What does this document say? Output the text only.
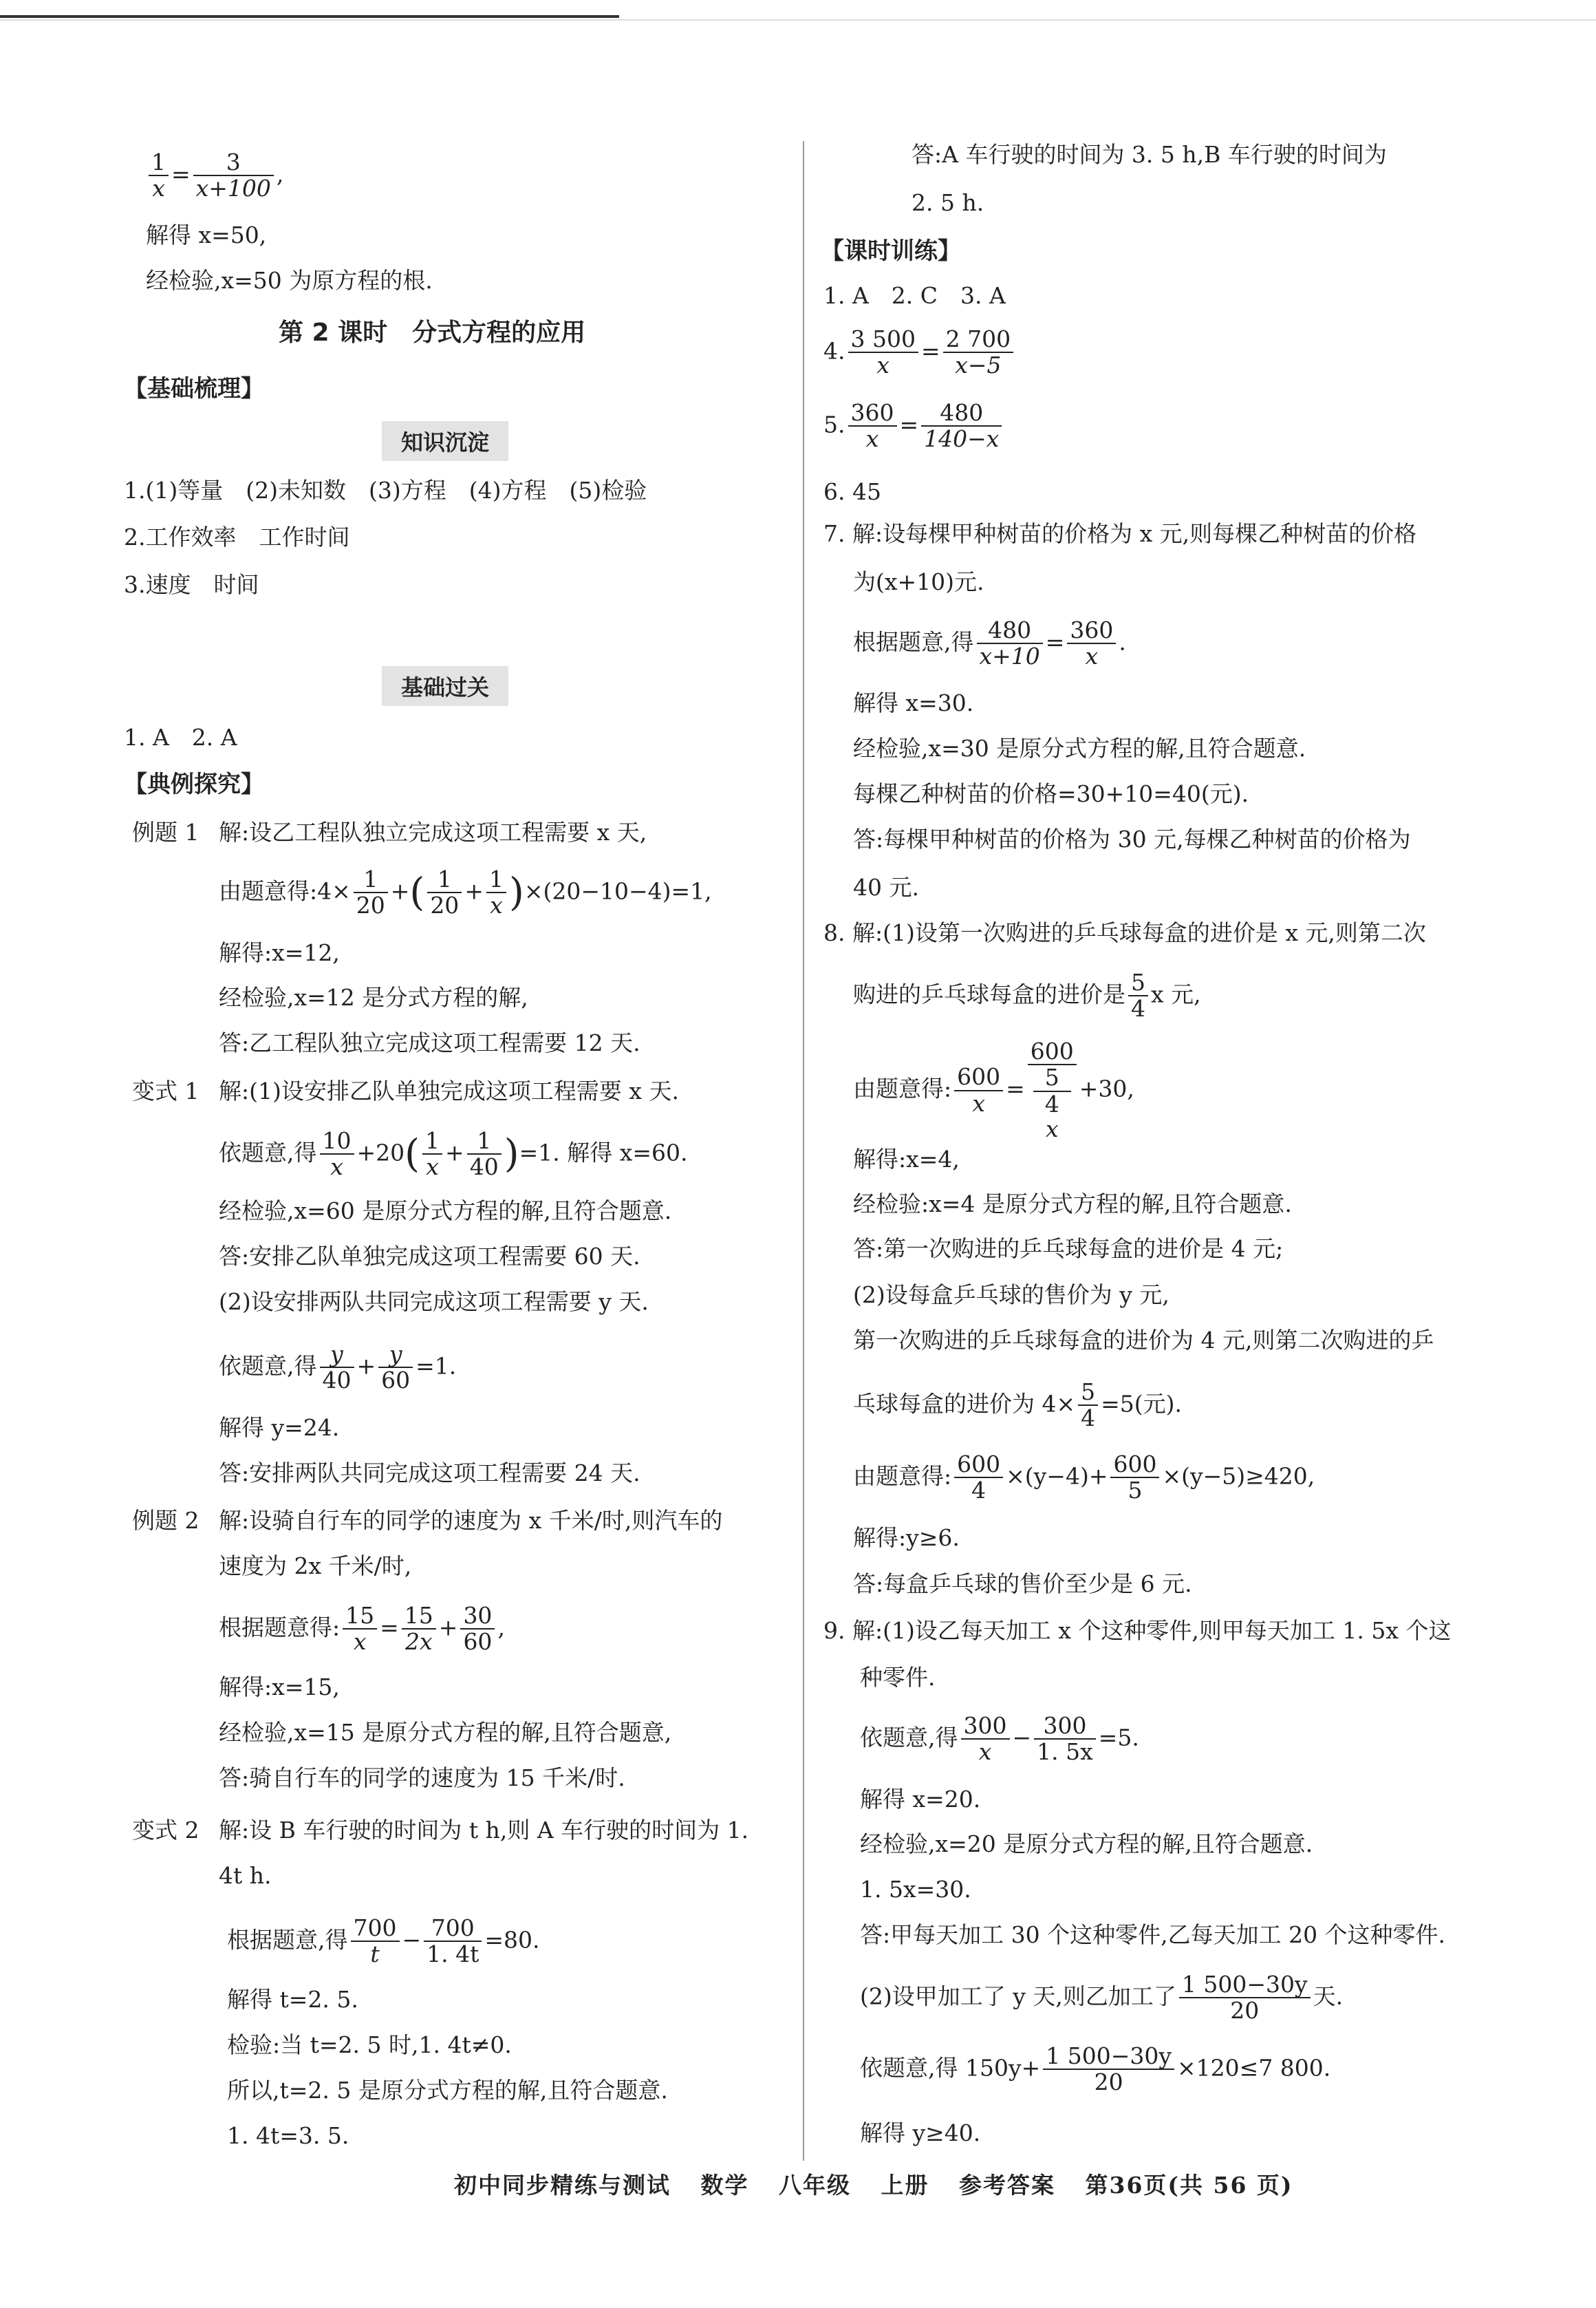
$\frac{1}{x} = \frac{3}{x+100}$ ,
解得 x=50,
经检验,x=50 为原方程的根.
第 2 课时　分式方程的应用
【基础梳理】
知识沉淀
1.(1)等量　(2)未知数　(3)方程　(4)方程　(5)检验
2.工作效率　工作时间
3.速度　时间
基础过关
1. A　2. A
【典例探究】
例题 1 解:设乙工程队独立完成这项工程需要 x 天,
由题意得:4× $\frac{1}{20}$ +( $\frac{1}{20} + \frac{1}{x} )\times(20-10-4)=1$,
解得:x=12,
经检验,x=12 是分式方程的解,
答:乙工程队独立完成这项工程需要 12 天.
变式 1 解:(1)设安排乙队单独完成这项工程需要 x 天.
依题意,得 $\frac{10}{x} +20( \frac{1}{x} + \frac{1}{40} )=1$. 解得 x=60.
经检验,x=60 是原分式方程的解,且符合题意.
答:安排乙队单独完成这项工程需要 60 天.
(2)设安排两队共同完成这项工程需要 y 天.
依题意,得 $\frac{y}{40} + \frac{y}{60} =1$.
解得 y=24.
答:安排两队共同完成这项工程需要 24 天.
例题 2 解:设骑自行车的同学的速度为 x 千米/时,则汽车的
速度为 2x 千米/时,
根据题意得: $\frac{15}{x} = \frac{15}{2x} + \frac{30}{60}$ ,
解得:x=15,
经检验,x=15 是原分式方程的解,且符合题意,
答:骑自行车的同学的速度为 15 千米/时.
变式 2 解:设 B 车行驶的时间为 t h,则 A 车行驶的时间为 1.
4t h.
根据题意,得 $\frac{700}{t} - \frac{700}{1. 4t} =80$.
解得 t=2. 5.
检验:当 t=2. 5 时,1. 4t≠0.
所以,t=2. 5 是原分式方程的解,且符合题意.
1. 4t=3. 5.
答:A 车行驶的时间为 3. 5 h,B 车行驶的时间为
2. 5 h.
【课时训练】
1. A　2. C　3. A
4. $\frac{3 500}{x} = \frac{2 700}{x-5}$
5. $\frac{360}{x} = \frac{480}{140-x}$
6. 45
7. 解:设每棵甲种树苗的价格为 x 元,则每棵乙种树苗的价格
为(x+10)元.
根据题意,得 $\frac{480}{x+10} = \frac{360}{x}$ .
解得 x=30.
经检验,x=30 是原分式方程的解,且符合题意.
每棵乙种树苗的价格=30+10=40(元).
答:每棵甲种树苗的价格为 30 元,每棵乙种树苗的价格为
40 元.
8. 解:(1)设第一次购进的乒乓球每盒的进价是 x 元,则第二次
购进的乒乓球每盒的进价是 $\frac{5}{4}$ x 元,
由题意得: $\frac{600}{x} = 600$
5
4
x +30,
解得:x=4,
经检验:x=4 是原分式方程的解,且符合题意.
答:第一次购进的乒乓球每盒的进价是 4 元;
(2)设每盒乒乓球的售价为 y 元,
第一次购进的乒乓球每盒的进价为 4 元,则第二次购进的乒
乓球每盒的进价为 $4\times \frac{5}{4} =5$(元).
由题意得: $\frac{600}{4} \times(y-4)+ \frac{600}{5} \times(y-5)\ge 420$,
解得:y≥6.
答:每盒乒乓球的售价至少是 6 元.
9. 解:(1)设乙每天加工 x 个这种零件,则甲每天加工 1. 5x 个这
种零件.
依题意,得 $\frac{300}{x} - \frac{300}{1. 5x} =5$.
解得 x=20.
经检验,x=20 是原分式方程的解,且符合题意.
1. 5x=30.
答:甲每天加工 30 个这种零件,乙每天加工 20 个这种零件.
(2)设甲加工了 y 天,则乙加工了 $\frac{1 500-30y}{20}$ 天.
依题意,得 $150y+ \frac{1 500-30y}{20} \times 120\le 7$ 800.
解得 y≥40.
初中同步精练与测试 数学 八年级 上册 参考答案 第36页(共 56 页)
